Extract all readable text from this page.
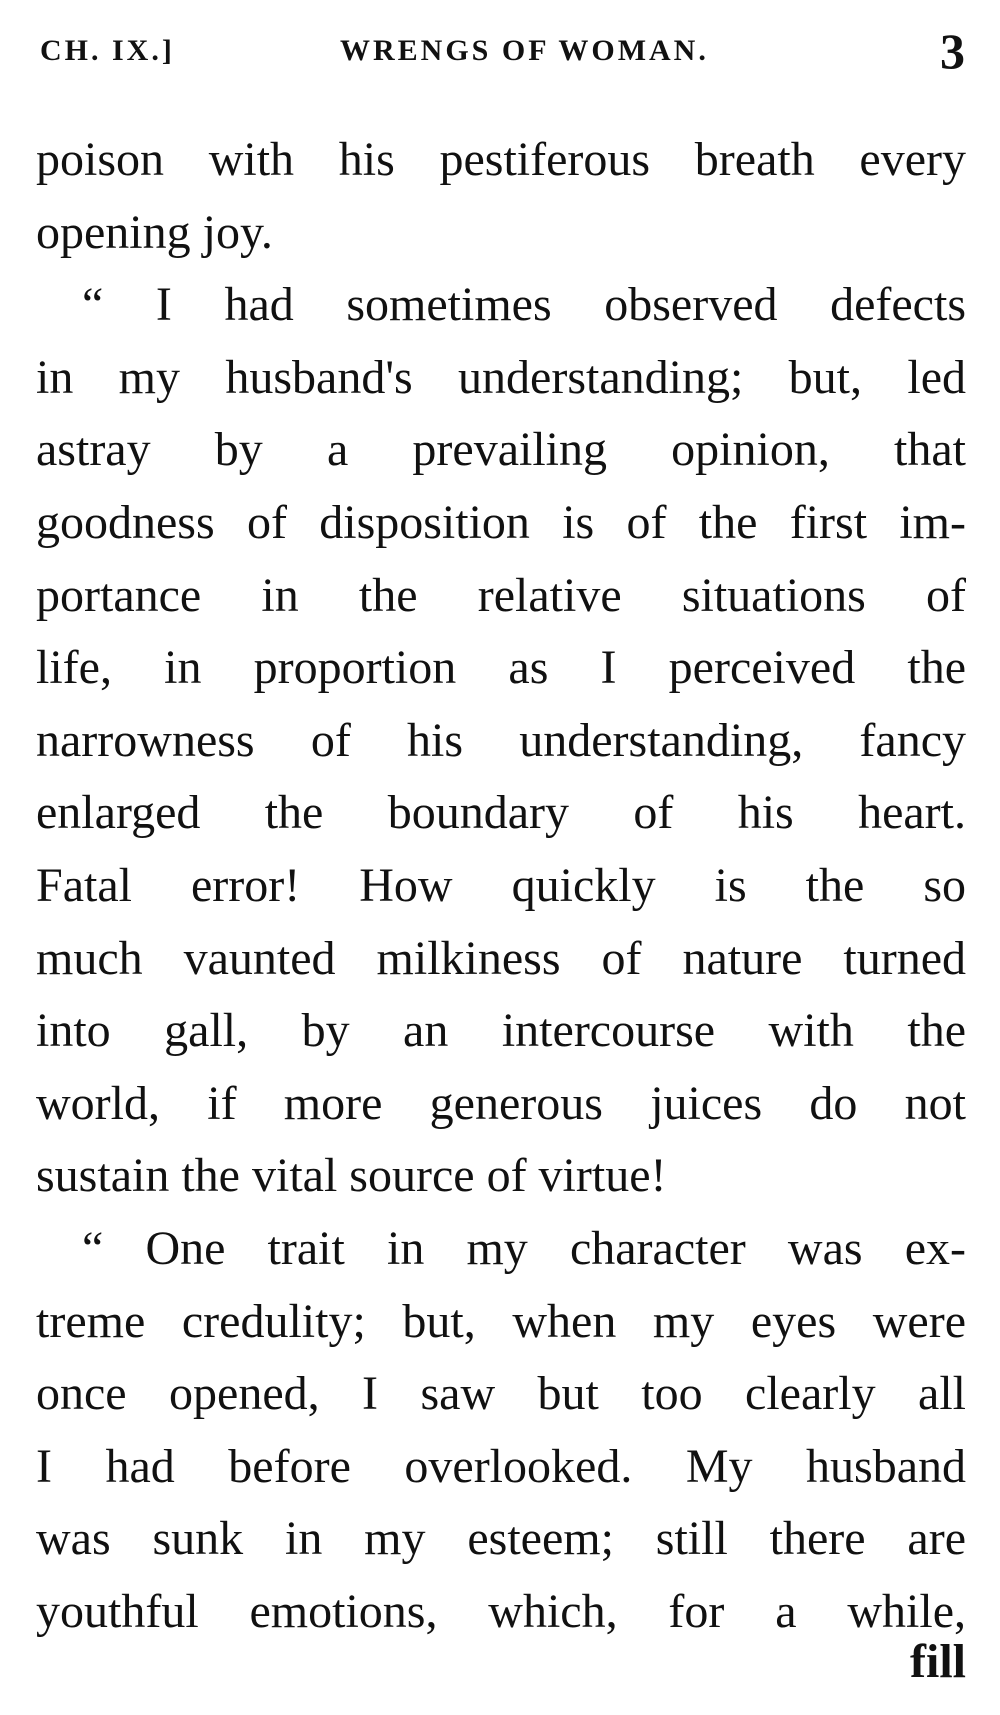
CH. IX.]	WRENGS OF WOMAN.	3
poison with his pestiferous breath every
opening joy.
“ I had sometimes observed defects
in my husband's understanding; but, led
astray by a prevailing opinion, that
goodness of disposition is of the first im-
portance in the relative situations of
life, in proportion as I perceived the
narrowness of his understanding, fancy
enlarged the boundary of his heart.
Fatal error! How quickly is the so
much vaunted milkiness of nature turned
into gall, by an intercourse with the
world, if more generous juices do not
sustain the vital source of virtue!
“ One trait in my character was ex-
treme credulity; but, when my eyes were
once opened, I saw but too clearly all
I had before overlooked. My husband
was sunk in my esteem; still there are
youthful emotions, which, for a while,
fill
